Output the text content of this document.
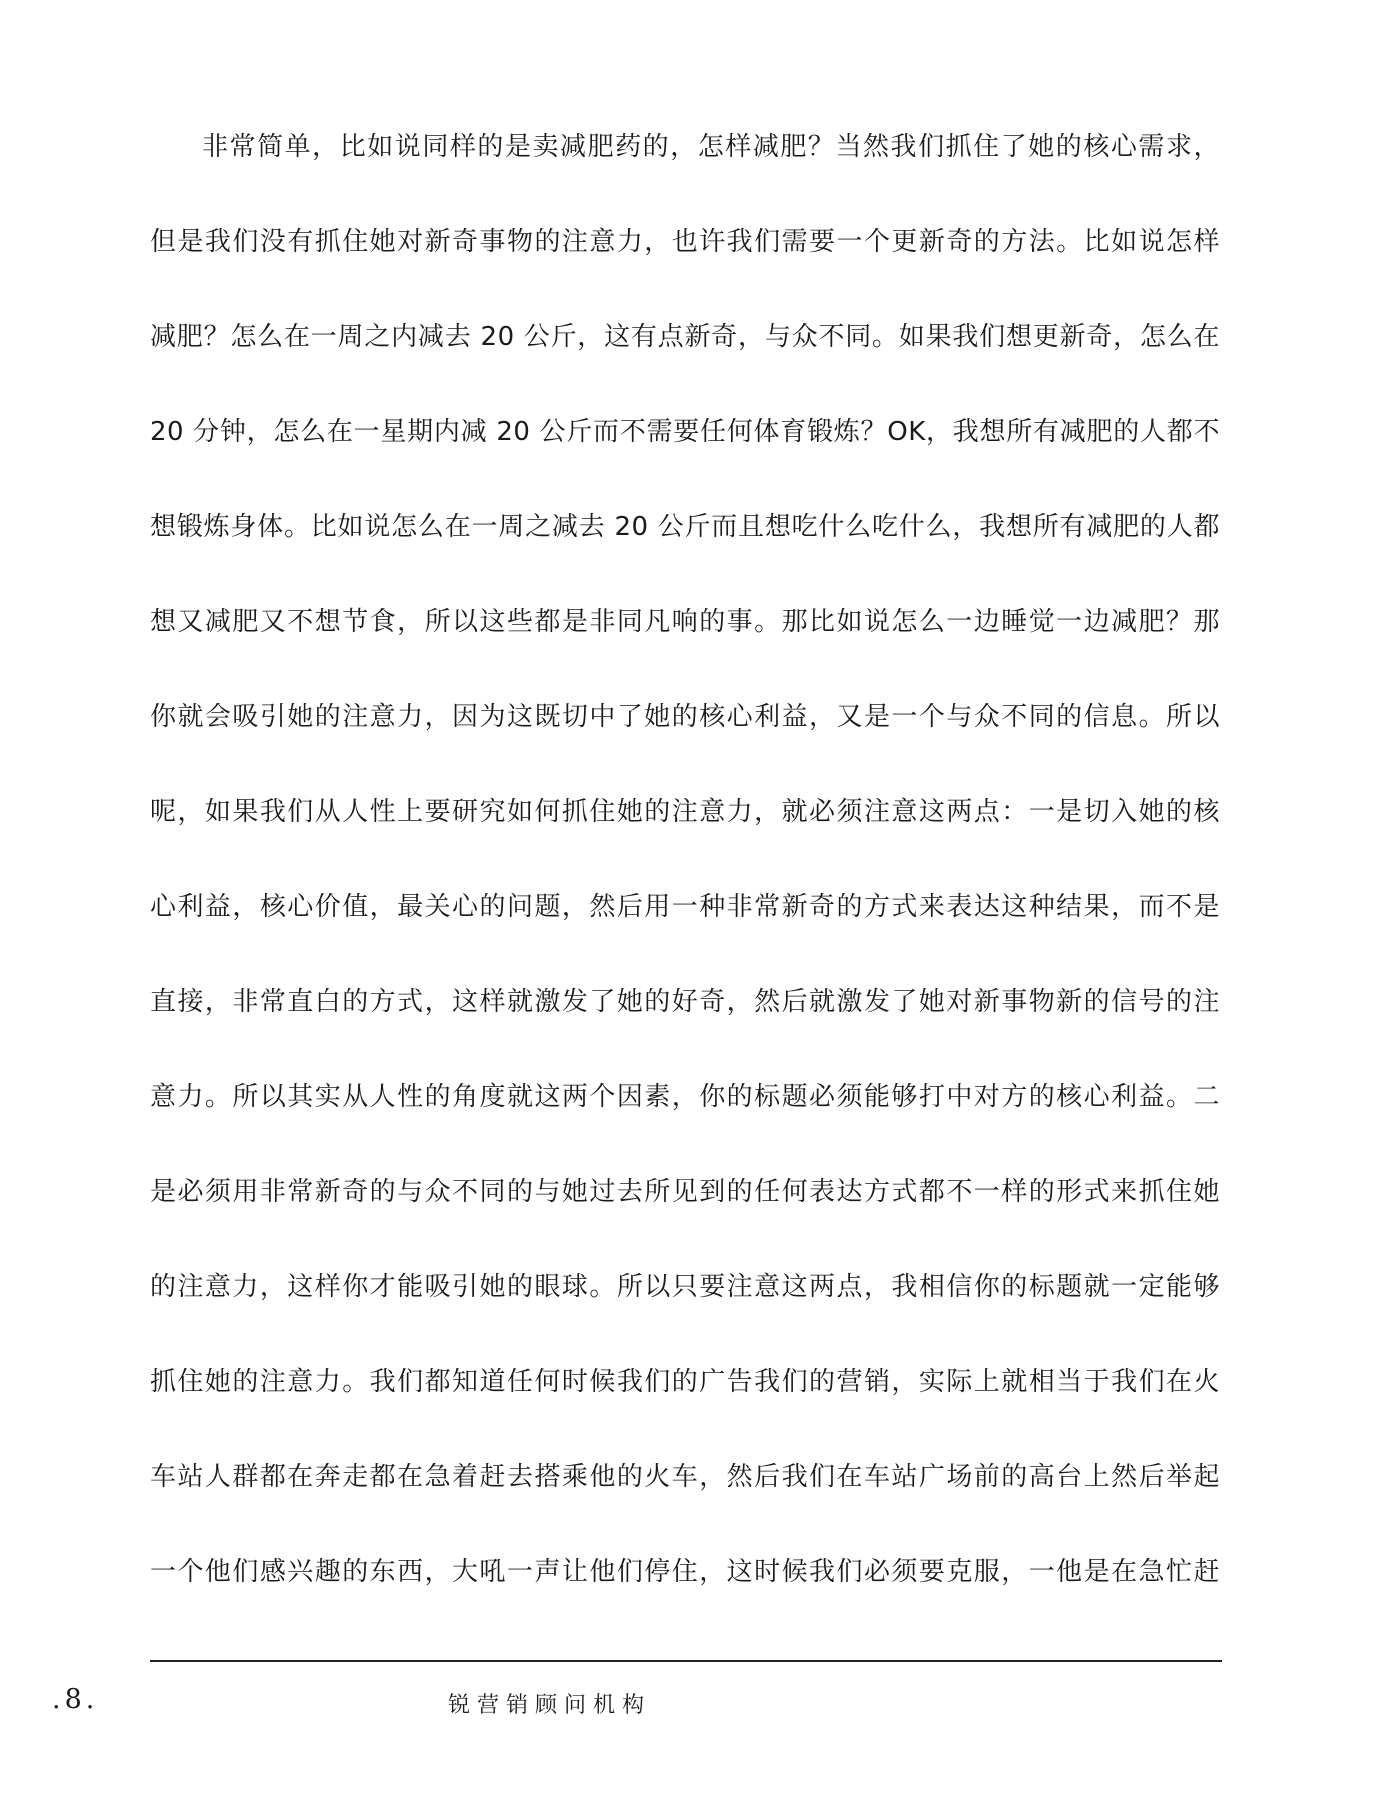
非常简单，比如说同样的是卖减肥药的，怎样减肥？当然我们抓住了她的核心需求，
但是我们没有抓住她对新奇事物的注意力，也许我们需要一个更新奇的方法。比如说怎样
减肥？怎么在一周之内减去 20 公斤，这有点新奇，与众不同。如果我们想更新奇，怎么在
20 分钟，怎么在一星期内减 20 公斤而不需要任何体育锻炼？OK，我想所有减肥的人都不
想锻炼身体。比如说怎么在一周之减去 20 公斤而且想吃什么吃什么，我想所有减肥的人都
想又减肥又不想节食，所以这些都是非同凡响的事。那比如说怎么一边睡觉一边减肥？那
你就会吸引她的注意力，因为这既切中了她的核心利益，又是一个与众不同的信息。所以
呢，如果我们从人性上要研究如何抓住她的注意力，就必须注意这两点：一是切入她的核
心利益，核心价值，最关心的问题，然后用一种非常新奇的方式来表达这种结果，而不是
直接，非常直白的方式，这样就激发了她的好奇，然后就激发了她对新事物新的信号的注
意力。所以其实从人性的角度就这两个因素，你的标题必须能够打中对方的核心利益。二
是必须用非常新奇的与众不同的与她过去所见到的任何表达方式都不一样的形式来抓住她
的注意力，这样你才能吸引她的眼球。所以只要注意这两点，我相信你的标题就一定能够
抓住她的注意力。我们都知道任何时候我们的广告我们的营销，实际上就相当于我们在火
车站人群都在奔走都在急着赶去搭乘他的火车，然后我们在车站广场前的高台上然后举起
一个他们感兴趣的东西，大吼一声让他们停住，这时候我们必须要克服，一他是在急忙赶
.8.	锐营销顾问机构
